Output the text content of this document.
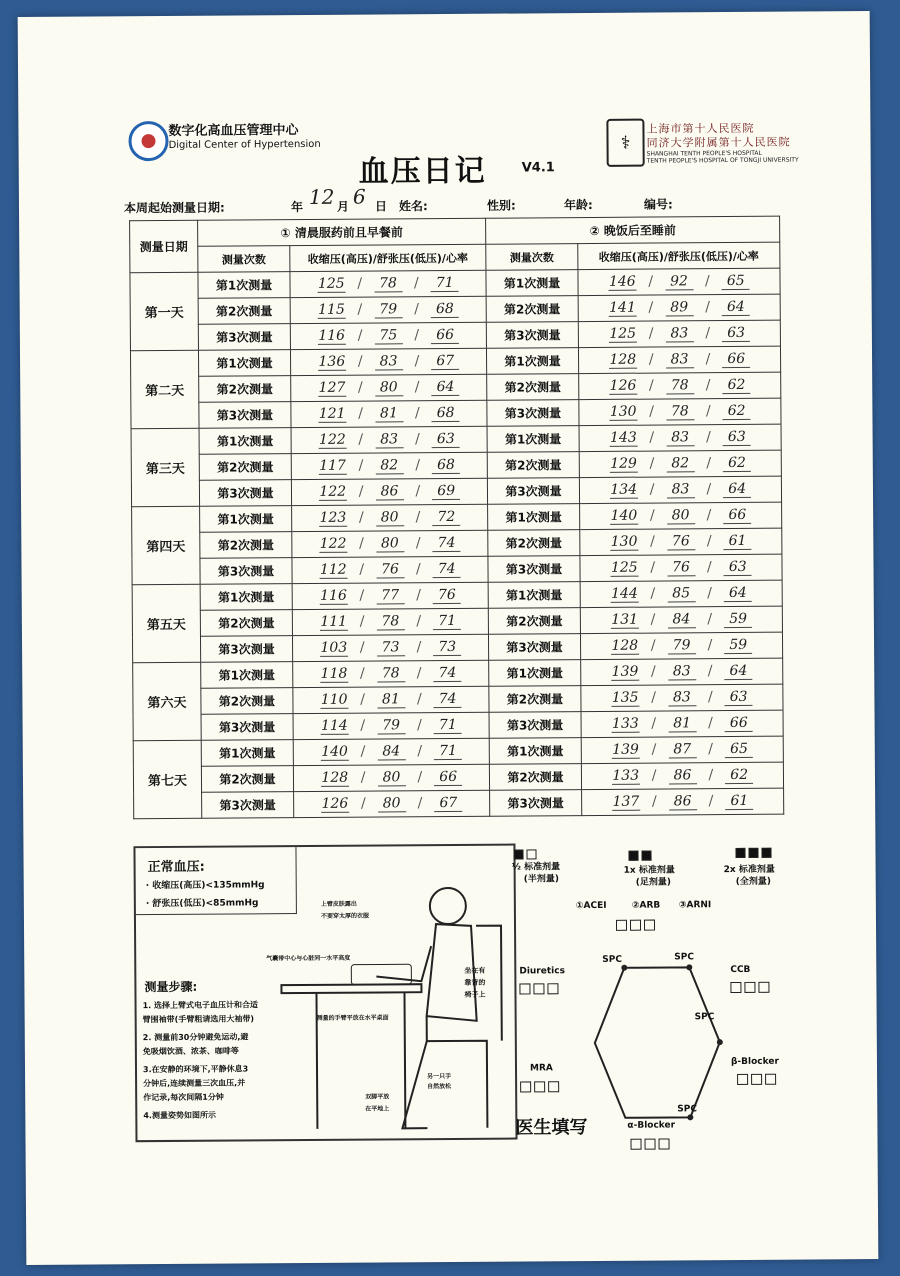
数字化高血压管理中心
Digital Center of Hypertension	⚕
上海市第十人民医院
同济大学附属第十人民医院
SHANGHAI TENTH PEOPLE'S HOSPITAL
TENTH PEOPLE'S HOSPITAL OF TONGJI UNIVERSITY
血压日记	V4.1
本周起始测量日期:	年 12 月 6 日 姓名:	性别:	年龄:	编号:
测量日期	① 清晨服药前且早餐前		② 晚饭后至睡前	
	测量次数	收缩压(高压)/舒张压(低压)/心率	测量次数	收缩压(高压)/舒张压(低压)/心率
第一天	第1次测量	125 / 78 / 71	第1次测量	146 / 92 / 65
	第2次测量	115 / 79 / 68	第2次测量	141 / 89 / 64
	第3次测量	116 / 75 / 66	第3次测量	125 / 83 / 63
第二天	第1次测量	136 / 83 / 67	第1次测量	128 / 83 / 66
	第2次测量	127 / 80 / 64	第2次测量	126 / 78 / 62
	第3次测量	121 / 81 / 68	第3次测量	130 / 78 / 62
第三天	第1次测量	122 / 83 / 63	第1次测量	143 / 83 / 63
	第2次测量	117 / 82 / 68	第2次测量	129 / 82 / 62
	第3次测量	122 / 86 / 69	第3次测量	134 / 83 / 64
第四天	第1次测量	123 / 80 / 72	第1次测量	140 / 80 / 66
	第2次测量	122 / 80 / 74	第2次测量	130 / 76 / 61
	第3次测量	112 / 76 / 74	第3次测量	125 / 76 / 63
第五天	第1次测量	116 / 77 / 76	第1次测量	144 / 85 / 64
	第2次测量	111 / 78 / 71	第2次测量	131 / 84 / 59
	第3次测量	103 / 73 / 73	第3次测量	128 / 79 / 59
第六天	第1次测量	118 / 78 / 74	第1次测量	139 / 83 / 64
	第2次测量	110 / 81 / 74	第2次测量	135 / 83 / 63
	第3次测量	114 / 79 / 71	第3次测量	133 / 81 / 66
第七天	第1次测量	140 / 84 / 71	第1次测量	139 / 87 / 65
	第2次测量	128 / 80 / 66	第2次测量	133 / 86 / 62
	第3次测量	126 / 80 / 67	第3次测量	137 / 86 / 61
正常血压:
· 收缩压(高压)<135mmHg
· 舒张压(低压)<85mmHg
测量步骤:
1. 选择上臂式电子血压计和合适
臂围袖带(手臂粗请选用大袖带)
2. 测量前30分钟避免运动,避
免吸烟饮酒、浓茶、咖啡等
3.在安静的环境下,平静休息3
分钟后,连续测量三次血压,并
作记录,每次间隔1分钟
4.测量姿势如图所示
上臂皮肤露出
不要穿太厚的衣服
气囊带中心与心脏同一水平高度
测量的手臂平放在水平桌面
坐在有
靠背的
椅子上
另一只手
自然放松
双脚平放
在平地上
½ 标准剂量
(半剂量)
1x 标准剂量
(足剂量)
2x 标准剂量
(全剂量)
①ACEI	②ARB ③ARNI
SPC	SPC
SPC
SPC
Diuretics	CCB
MRA
β-Blocker
α-Blocker
医生填写
